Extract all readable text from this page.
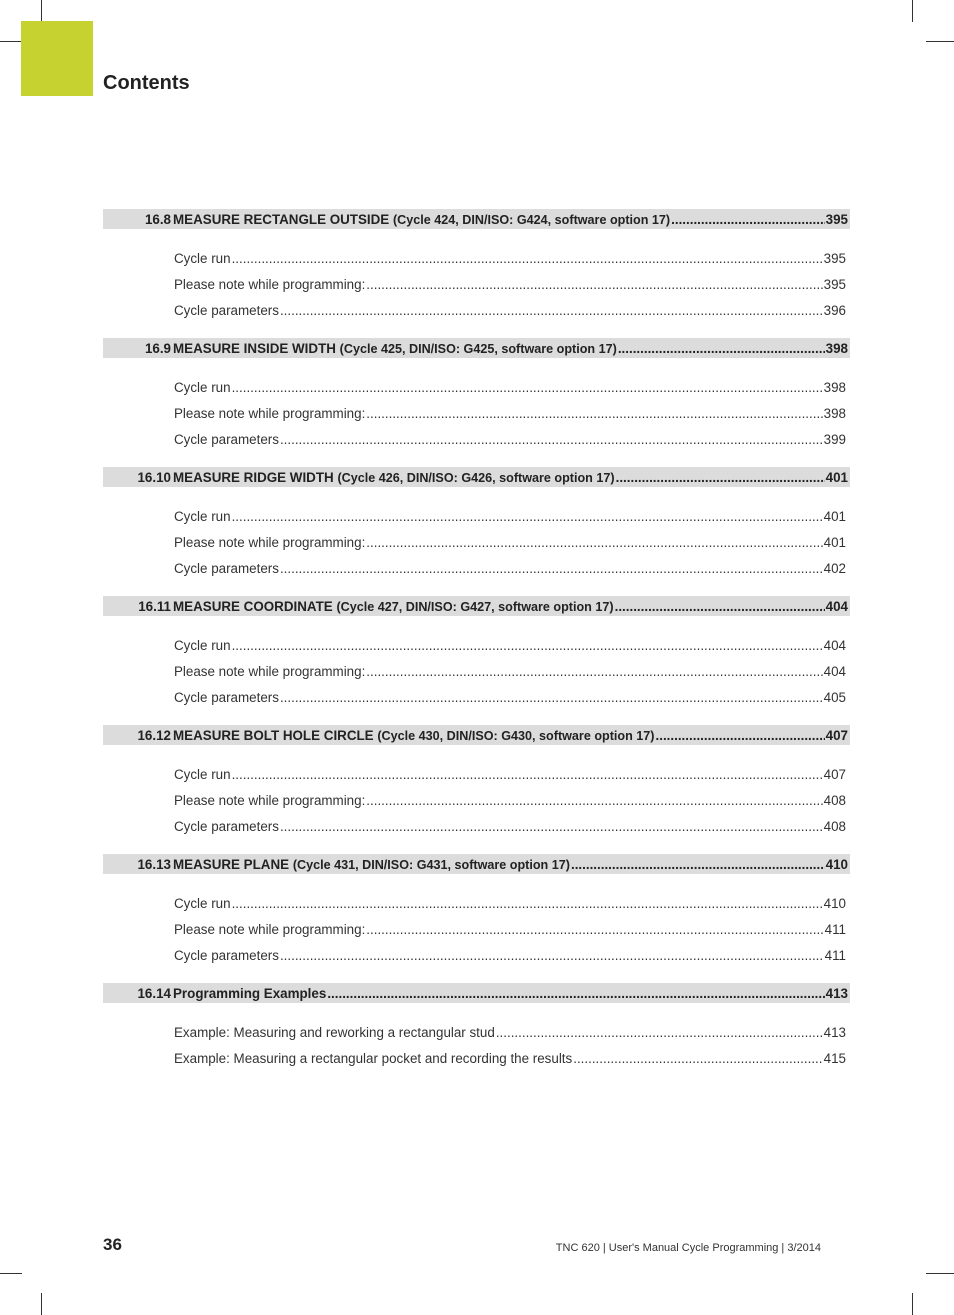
Contents
16.8 MEASURE RECTANGLE OUTSIDE (Cycle 424, DIN/ISO: G424, software option 17) .....	395
Cycle run .....	395
Please note while programming: .....	395
Cycle parameters .....	396
16.9 MEASURE INSIDE WIDTH (Cycle 425, DIN/ISO: G425, software option 17) .....	398
Cycle run .....	398
Please note while programming: .....	398
Cycle parameters .....	399
16.10 MEASURE RIDGE WIDTH (Cycle 426, DIN/ISO: G426, software option 17) .....	401
Cycle run .....	401
Please note while programming: .....	401
Cycle parameters .....	402
16.11 MEASURE COORDINATE (Cycle 427, DIN/ISO: G427, software option 17) .....	404
Cycle run .....	404
Please note while programming: .....	404
Cycle parameters .....	405
16.12 MEASURE BOLT HOLE CIRCLE (Cycle 430, DIN/ISO: G430, software option 17) .....	407
Cycle run .....	407
Please note while programming: .....	408
Cycle parameters .....	408
16.13 MEASURE PLANE (Cycle 431, DIN/ISO: G431, software option 17) .....	410
Cycle run .....	410
Please note while programming: .....	411
Cycle parameters .....	411
16.14 Programming Examples .....	413
Example: Measuring and reworking a rectangular stud .....	413
Example: Measuring a rectangular pocket and recording the results .....	415
36	TNC 620 | User's Manual Cycle Programming | 3/2014
